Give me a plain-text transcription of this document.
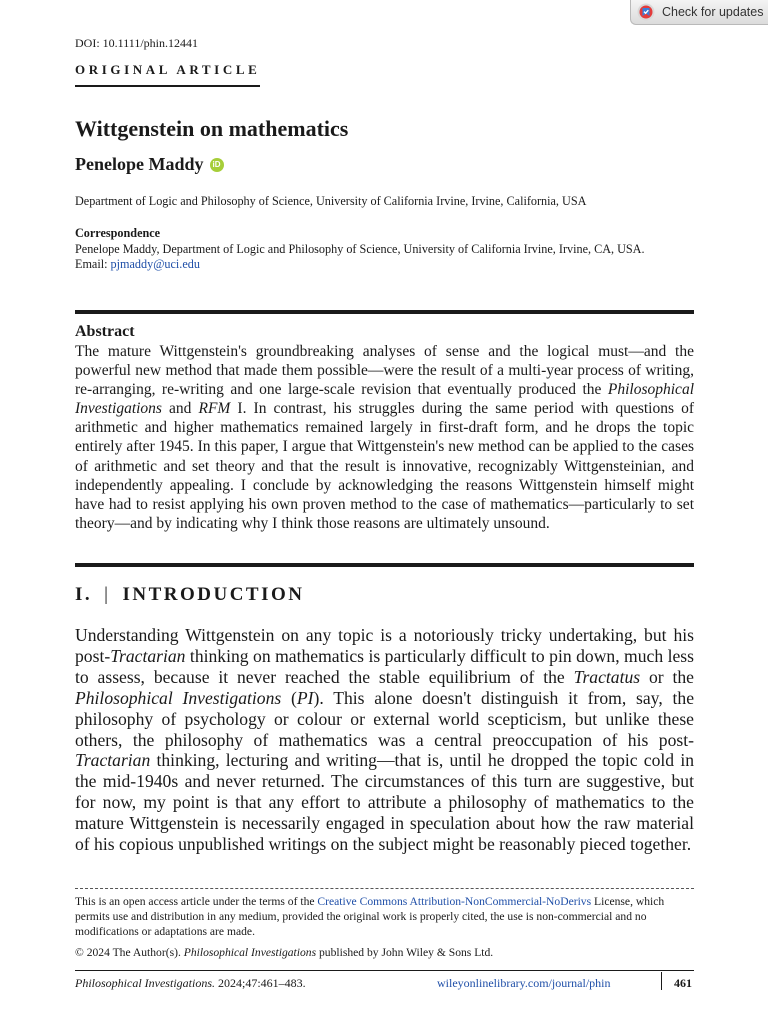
Check for updates
DOI: 10.1111/phin.12441
ORIGINAL ARTICLE
Wittgenstein on mathematics
Penelope Maddy	iD
Department of Logic and Philosophy of Science, University of California Irvine, Irvine, California, USA
Correspondence
Penelope Maddy, Department of Logic and Philosophy of Science, University of California Irvine, Irvine, CA, USA.
Email: pjmaddy@uci.edu
Abstract

The mature Wittgenstein's groundbreaking analyses of sense and the logical must—and the powerful new method that made them possible—were the result of a multi-year process of writing, re-arranging, re-writing and one large-scale revision that eventually produced the Philosophical Investigations and RFM I. In contrast, his struggles during the same period with questions of arithmetic and higher mathematics remained largely in first-draft form, and he drops the topic entirely after 1945. In this paper, I argue that Wittgenstein's new method can be applied to the cases of arithmetic and set theory and that the result is innovative, recognizably Wittgensteinian, and independently appealing. I conclude by acknowledging the reasons Wittgenstein himself might have had to resist applying his own proven method to the case of mathematics—particularly to set theory—and by indicating why I think those reasons are ultimately unsound.

I. | INTRODUCTION

Understanding Wittgenstein on any topic is a notoriously tricky undertaking, but his post-Tractarian thinking on mathematics is particularly difficult to pin down, much less to assess, because it never reached the stable equilibrium of the Tractatus or the Philosophical Investigations (PI). This alone doesn't distinguish it from, say, the philosophy of psychology or colour or external world scepticism, but unlike these others, the philosophy of mathematics was a central preoccupation of his post-Tractarian thinking, lecturing and writing—that is, until he dropped the topic cold in the mid-1940s and never returned. The circumstances of this turn are suggestive, but for now, my point is that any effort to attribute a philosophy of mathematics to the mature Wittgenstein is necessarily engaged in speculation about how the raw material of his copious unpublished writings on the subject might be reasonably pieced together.

This is an open access article under the terms of the Creative Commons Attribution-NonCommercial-NoDerivs License, which permits use and distribution in any medium, provided the original work is properly cited, the use is non-commercial and no modifications or adaptations are made.
© 2024 The Author(s). Philosophical Investigations published by John Wiley & Sons Ltd.
Philosophical Investigations. 2024;47:461–483.	wileyonlinelibrary.com/journal/phin	461
